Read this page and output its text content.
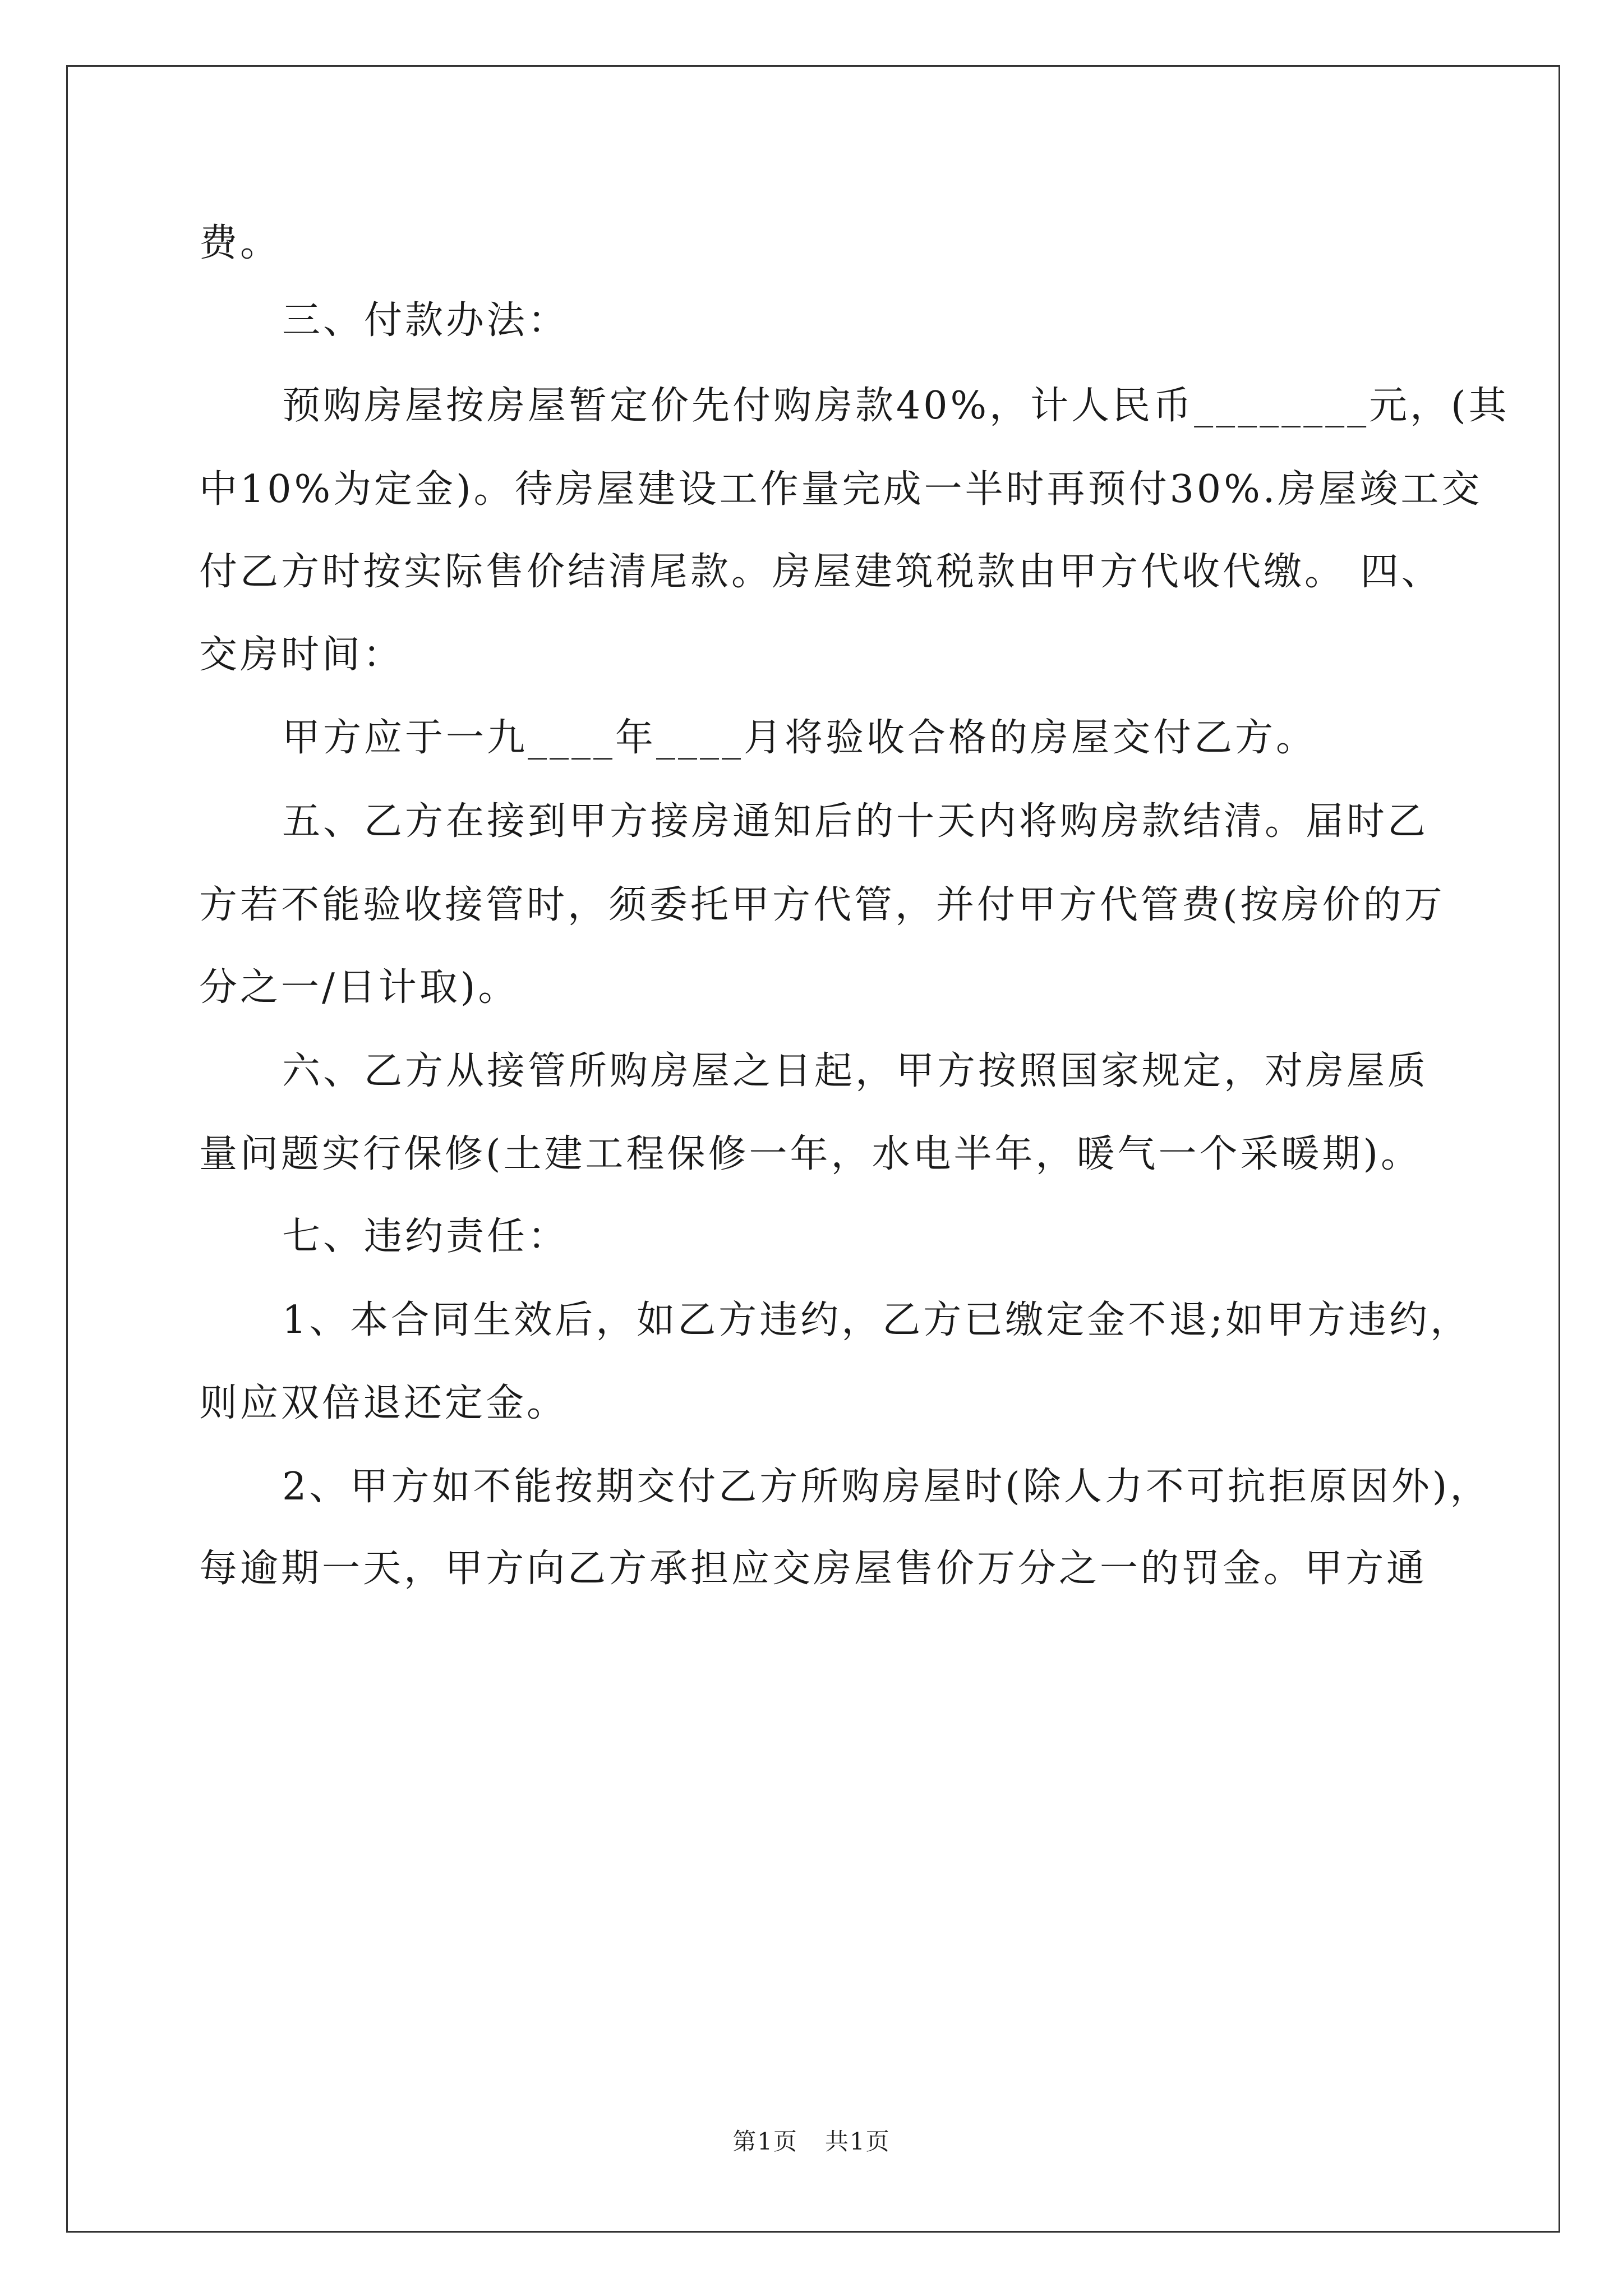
费。
三、付款办法：
预购房屋按房屋暂定价先付购房款40%，计人民币________元，(其
中10%为定金)。待房屋建设工作量完成一半时再预付30%.房屋竣工交
付乙方时按实际售价结清尾款。房屋建筑税款由甲方代收代缴。 四、
交房时间：
甲方应于一九____年____月将验收合格的房屋交付乙方。
五、乙方在接到甲方接房通知后的十天内将购房款结清。届时乙
方若不能验收接管时，须委托甲方代管，并付甲方代管费(按房价的万
分之一/日计取)。
六、乙方从接管所购房屋之日起，甲方按照国家规定，对房屋质
量问题实行保修(土建工程保修一年，水电半年，暖气一个采暖期)。
七、违约责任：
1、本合同生效后，如乙方违约，乙方已缴定金不退;如甲方违约，
则应双倍退还定金。
2、甲方如不能按期交付乙方所购房屋时(除人力不可抗拒原因外)，
每逾期一天，甲方向乙方承担应交房屋售价万分之一的罚金。甲方通
第1页 共1页
